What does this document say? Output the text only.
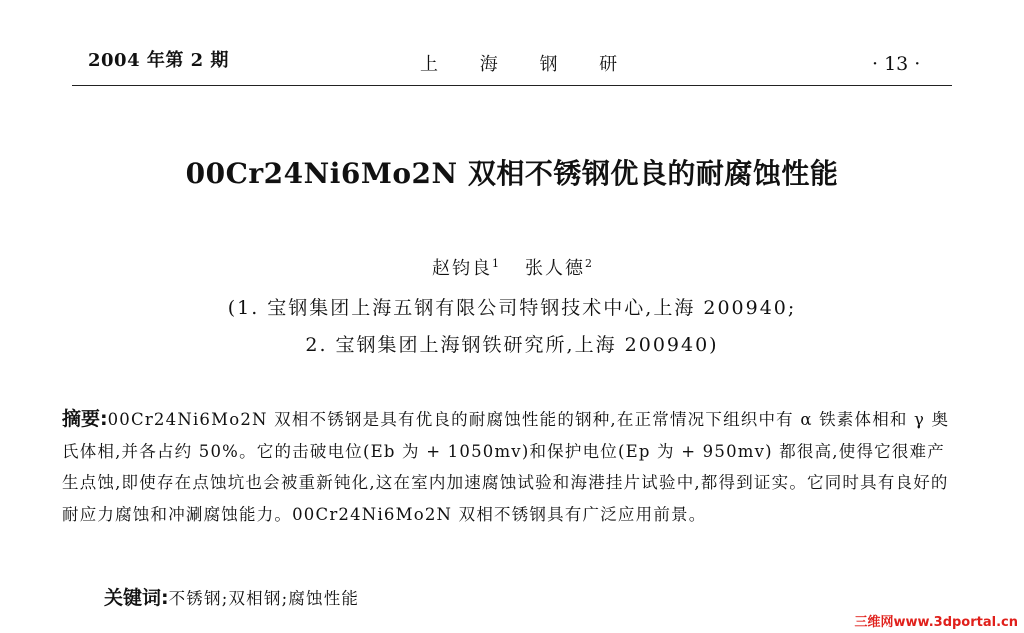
2004 年第 2 期	上 海 钢 研	· 13 ·
00Cr24Ni6Mo2N 双相不锈钢优良的耐腐蚀性能
赵钧良$^1$ 张人德$^2$
(1. 宝钢集团上海五钢有限公司特钢技术中心,上海 200940;
2. 宝钢集团上海钢铁研究所,上海 200940)
摘要:00Cr24Ni6Mo2N 双相不锈钢是具有优良的耐腐蚀性能的钢种,在正常情况下组织中有 α 铁素体相和 γ 奥氏体相,并各占约 50%。它的击破电位(Eb 为 + 1050mv)和保护电位(Ep 为 + 950mv) 都很高,使得它很难产生点蚀,即使存在点蚀坑也会被重新钝化,这在室内加速腐蚀试验和海港挂片试验中,都得到证实。它同时具有良好的耐应力腐蚀和冲涮腐蚀能力。00Cr24Ni6Mo2N 双相不锈钢具有广泛应用前景。
关键词:不锈钢;双相钢;腐蚀性能
三维网www.3dportal.cn
